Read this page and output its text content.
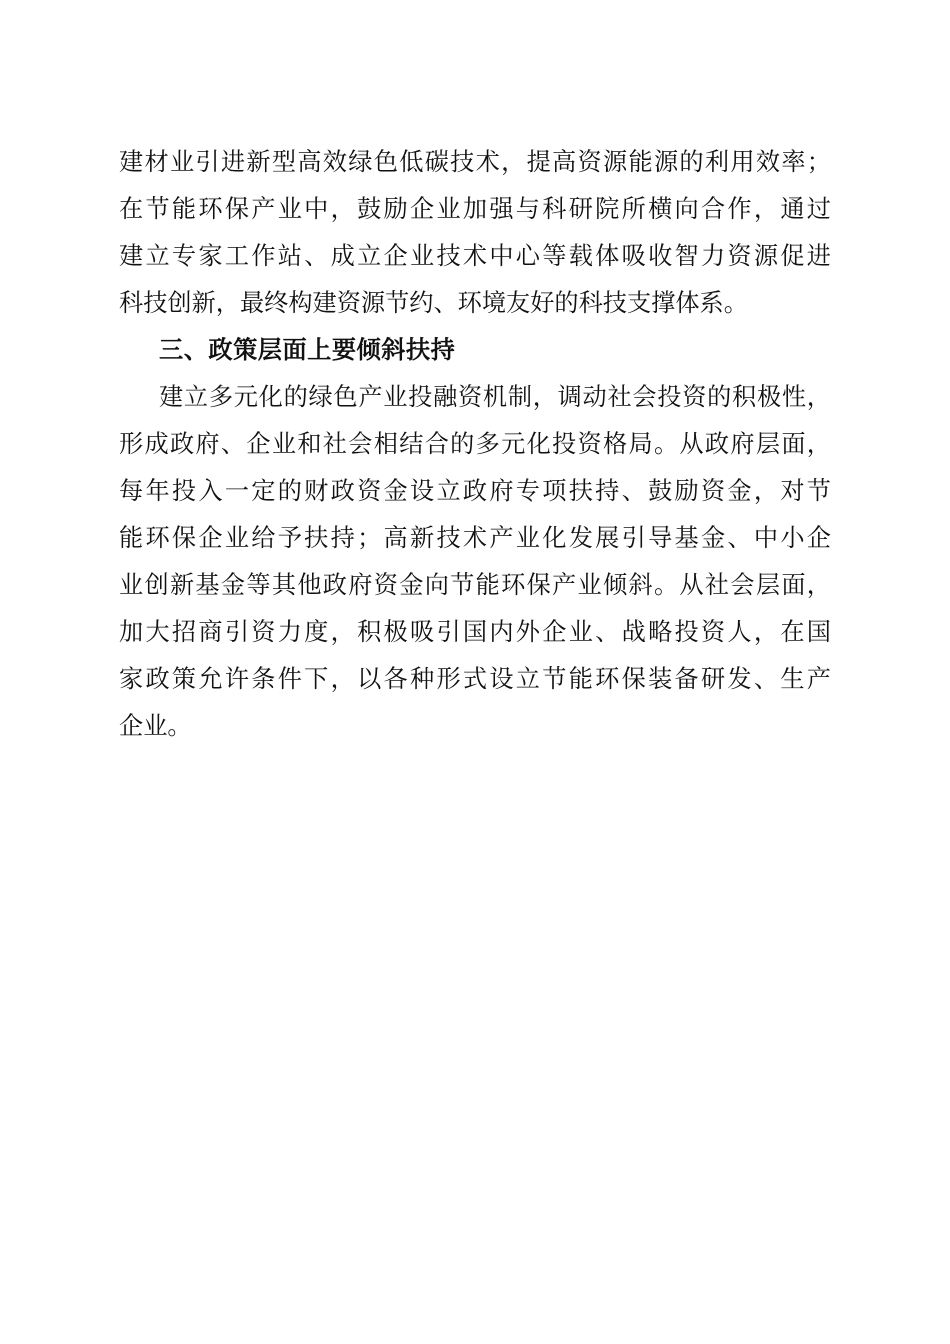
建材业引进新型高效绿色低碳技术，提高资源能源的利用效率；
在节能环保产业中，鼓励企业加强与科研院所横向合作，通过
建立专家工作站、成立企业技术中心等载体吸收智力资源促进
科技创新，最终构建资源节约、环境友好的科技支撑体系。
三、政策层面上要倾斜扶持
建立多元化的绿色产业投融资机制，调动社会投资的积极性，
形成政府、企业和社会相结合的多元化投资格局。从政府层面，
每年投入一定的财政资金设立政府专项扶持、鼓励资金，对节
能环保企业给予扶持；高新技术产业化发展引导基金、中小企
业创新基金等其他政府资金向节能环保产业倾斜。从社会层面，
加大招商引资力度，积极吸引国内外企业、战略投资人，在国
家政策允许条件下，以各种形式设立节能环保装备研发、生产
企业。
